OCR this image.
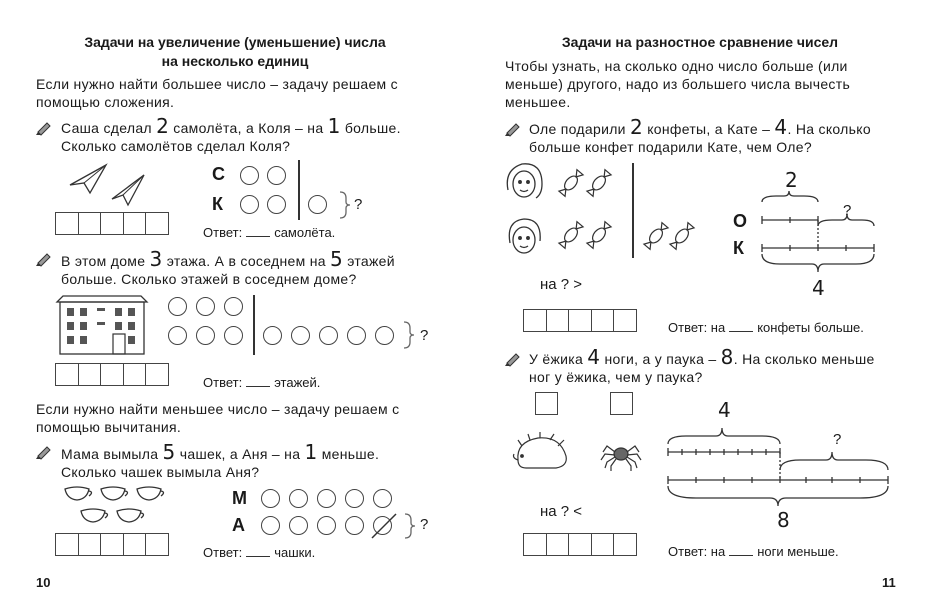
Задачи на увеличение (уменьшение) числа
на несколько единиц
Если нужно найти большее число – задачу решаем с помощью сложения.
Саша сделал 2 самолёта, а Коля – на 1 больше. Сколько самолётов сделал Коля?
С
К	?
Ответ: самолёта.
В этом доме 3 этажа. А в соседнем на 5 этажей больше. Сколько этажей в соседнем доме?
?
Ответ: этажей.
Если нужно найти меньшее число – задачу решаем с помощью вычитания.
Мама вымыла 5 чашек, а Аня – на 1 меньше. Сколько чашек вымыла Аня?
М
А	?
Ответ: чашки.
10
Задачи на разностное сравнение чисел
Чтобы узнать, на сколько одно число больше (или меньше) другого, надо из большего числа вычесть меньшее.
Оле подарили 2 конфеты, а Кате – 4. На сколько больше конфет подарили Кате, чем Оле?
О
К
2
?
4
на ? >
Ответ: на конфеты больше.
У ёжика 4 ноги, а у паука – 8. На сколько меньше ног у ёжика, чем у паука?
4
?
8
на ? <
Ответ: на ноги меньше.
11
